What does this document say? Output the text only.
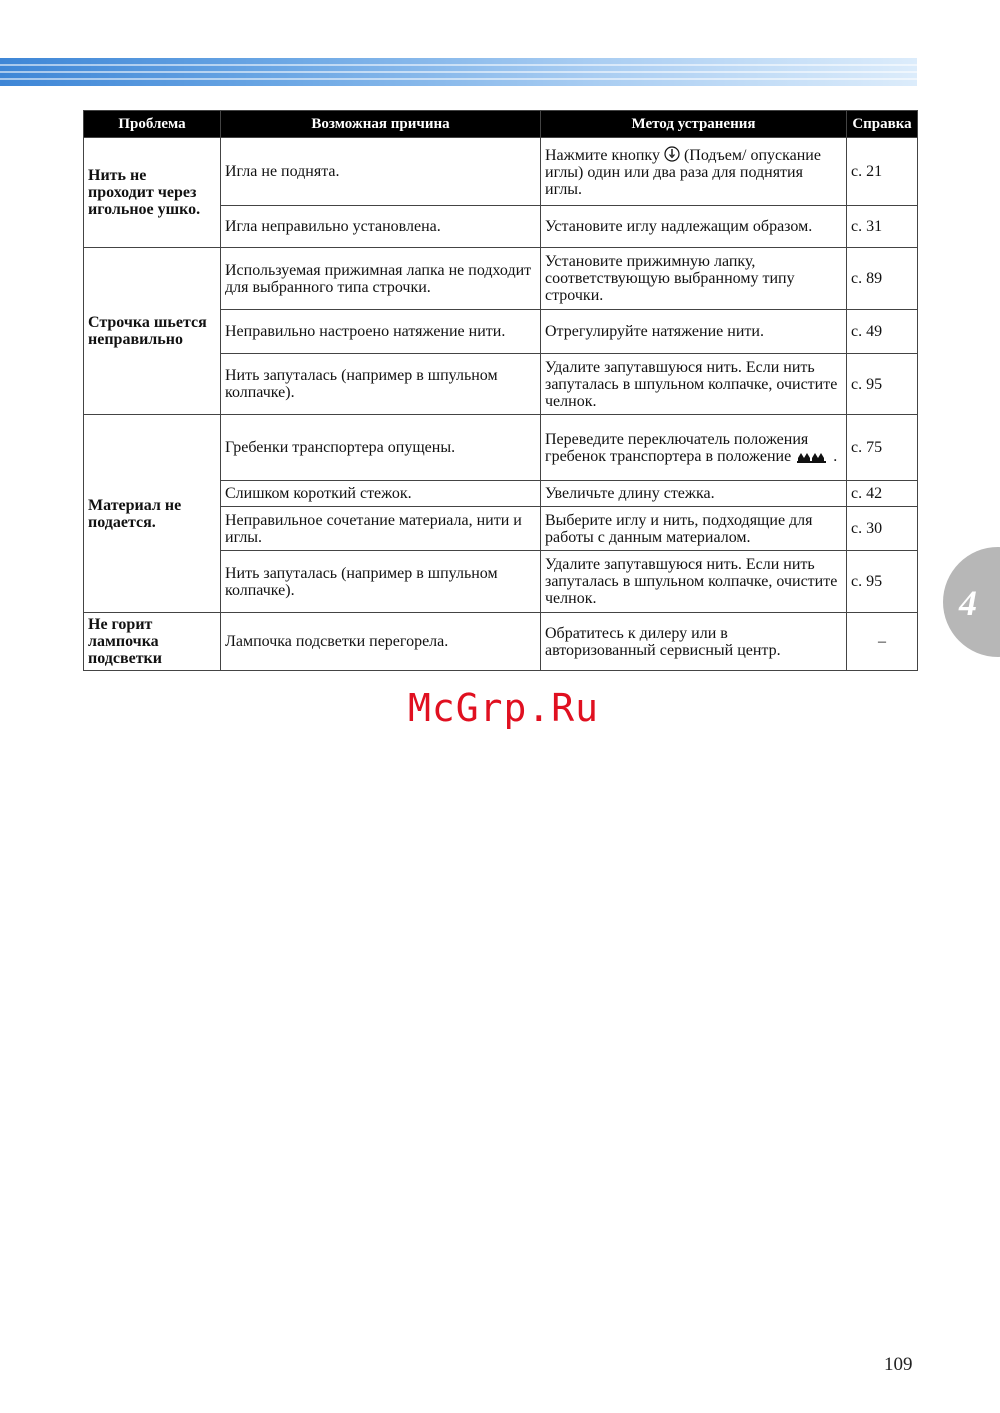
Проблема	Возможная причина	Метод устранения	Справка
Нить не проходит через игольное ушко.	Игла не поднята.	Нажмите кнопку (Подъем/ опускание иглы) один или два раза для поднятия иглы.	с. 21
	Игла неправильно установлена.	Установите иглу надлежащим образом.	с. 31
Строчка шьется неправильно	Используемая прижимная лапка не подходит для выбранного типа строчки.	Установите прижимную лапку, соответствующую выбранному типу строчки.	с. 89
	Неправильно настроено натяжение нити.	Отрегулируйте натяжение нити.	с. 49
	Нить запуталась (например в шпульном колпачке).	Удалите запутавшуюся нить. Если нить запуталась в шпульном колпачке, очистите челнок.	с. 95
Материал не подается.	Гребенки транспортера опущены.	Переведите переключатель положения гребенок транспортера в положение .	с. 75
	Слишком короткий стежок.	Увеличьте длину стежка.	с. 42
	Неправильное сочетание материала, нити и иглы.	Выберите иглу и нить, подходящие для работы с данным материалом.	с. 30
	Нить запуталась (например в шпульном колпачке).	Удалите запутавшуюся нить. Если нить запуталась в шпульном колпачке, очистите челнок.	с. 95
Не горит лампочка подсветки	Лампочка подсветки перегорела.	Обратитесь к дилеру или в авторизованный сервисный центр.	–
McGrp.Ru
4
109
